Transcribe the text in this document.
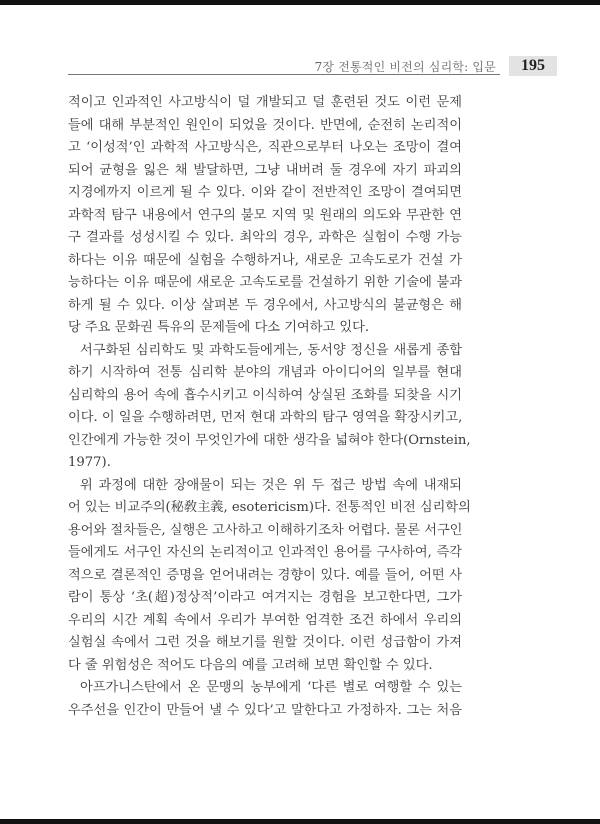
7장 전통적인 비전의 심리학: 입문	195
적이고 인과적인 사고방식이 덜 개발되고 덜 훈련된 것도 이런 문제
들에 대해 부분적인 원인이 되었을 것이다. 반면에, 순전히 논리적이
고 ‘이성적’인 과학적 사고방식은, 직관으로부터 나오는 조망이 결여
되어 균형을 잃은 채 발달하면, 그냥 내버려 둘 경우에 자기 파괴의
지경에까지 이르게 될 수 있다. 이와 같이 전반적인 조망이 결여되면
과학적 탐구 내용에서 연구의 불모 지역 및 원래의 의도와 무관한 연
구 결과를 성성시킬 수 있다. 최악의 경우, 과학은 실험이 수행 가능
하다는 이유 때문에 실험을 수행하거나, 새로운 고속도로가 건설 가
능하다는 이유 때문에 새로운 고속도로를 건설하기 위한 기술에 불과
하게 될 수 있다. 이상 살펴본 두 경우에서, 사고방식의 불균형은 해
당 주요 문화권 특유의 문제들에 다소 기여하고 있다.
서구화된 심리학도 및 과학도들에게는, 동서양 정신을 새롭게 종합
하기 시작하여 전통 심리학 분야의 개념과 아이디어의 일부를 현대
심리학의 용어 속에 흡수시키고 이식하여 상실된 조화를 되찾을 시기
이다. 이 일을 수행하려면, 먼저 현대 과학의 탐구 영역을 확장시키고,
인간에게 가능한 것이 무엇인가에 대한 생각을 넓혀야 한다(Ornstein,
1977).
위 과정에 대한 장애물이 되는 것은 위 두 접근 방법 속에 내재되
어 있는 비교주의(秘敎主義, esotericism)다. 전통적인 비전 심리학의
용어와 절차들은, 실행은 고사하고 이해하기조차 어렵다. 물론 서구인
들에게도 서구인 자신의 논리적이고 인과적인 용어를 구사하여, 즉각
적으로 결론적인 증명을 얻어내려는 경향이 있다. 예를 들어, 어떤 사
람이 통상 ‘초(超)정상적’이라고 여겨지는 경험을 보고한다면, 그가
우리의 시간 계획 속에서 우리가 부여한 엄격한 조건 하에서 우리의
실험실 속에서 그런 것을 해보기를 원할 것이다. 이런 성급함이 가져
다 줄 위험성은 적어도 다음의 예를 고려해 보면 확인할 수 있다.
아프가니스탄에서 온 문맹의 농부에게 ‘다른 별로 여행할 수 있는
우주선을 인간이 만들어 낼 수 있다’고 말한다고 가정하자. 그는 처음
